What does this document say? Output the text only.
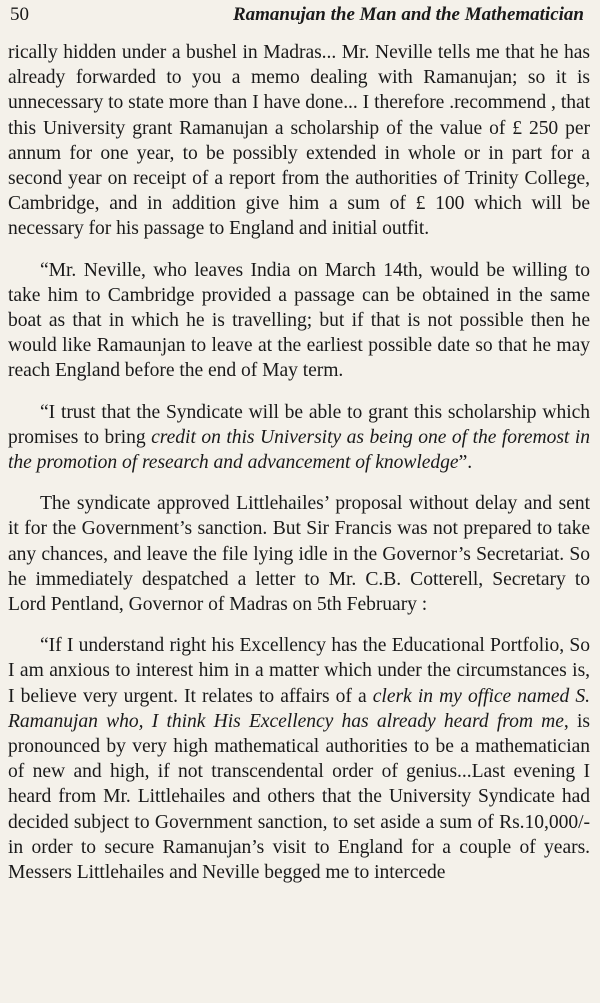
50	Ramanujan the Man and the Mathematician

rically hidden under a bushel in Madras... Mr. Neville tells me that he has already forwarded to you a memo dealing with Ramanujan; so it is unnecessary to state more than I have done... I therefore .recommend , that this University grant Ramanujan a scholarship of the value of £ 250 per annum for one year, to be possibly extended in whole or in part for a second year on receipt of a report from the authorities of Trinity College, Cambridge, and in addition give him a sum of £ 100 which will be necessary for his passage to England and initial outfit.

“Mr. Neville, who leaves India on March 14th, would be willing to take him to Cambridge provided a passage can be obtained in the same boat as that in which he is travelling; but if that is not possible then he would like Ramaunjan to leave at the earliest possible date so that he may reach England before the end of May term.

“I trust that the Syndicate will be able to grant this scholarship which promises to bring credit on this University as being one of the foremost in the promotion of research and advancement of knowledge”.

The syndicate approved Littlehailes’ proposal without delay and sent it for the Government’s sanction. But Sir Francis was not prepared to take any chances, and leave the file lying idle in the Governor’s Secretariat. So he immediately despatched a letter to Mr. C.B. Cotterell, Secretary to Lord Pentland, Governor of Madras on 5th February :

“If I understand right his Excellency has the Educational Portfolio, So I am anxious to interest him in a matter which under the circumstances is, I believe very urgent. It relates to affairs of a clerk in my office named S. Ramanujan who, I think His Excellency has already heard from me, is pronounced by very high mathematical authorities to be a mathematician of new and high, if not transcendental order of genius...Last evening I heard from Mr. Littlehailes and others that the University Syndicate had decided subject to Government sanction, to set aside a sum of Rs.10,000/- in order to secure Ramanujan’s visit to England for a couple of years. Messers Littlehailes and Neville begged me to intercede
